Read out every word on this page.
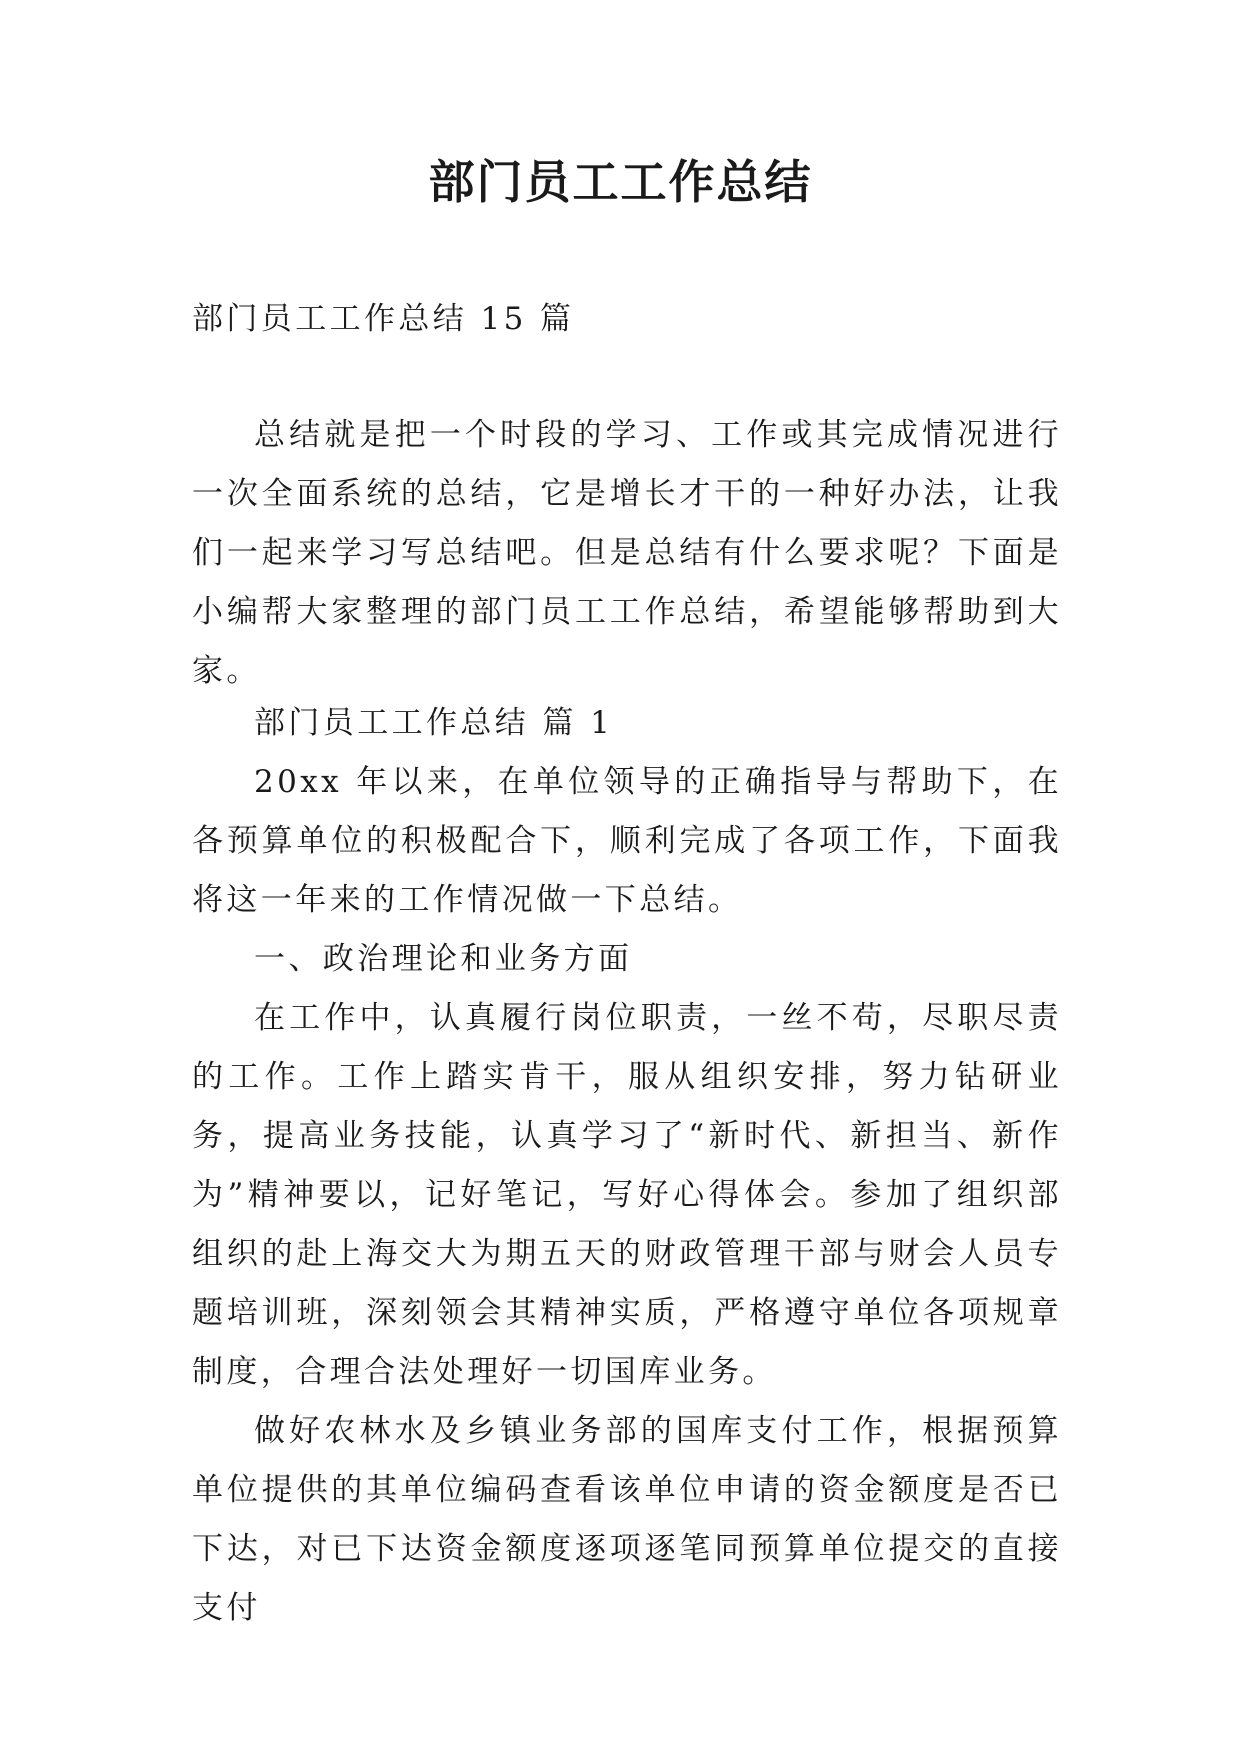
部门员工工作总结

部门员工工作总结 15 篇

总结就是把一个时段的学习、工作或其完成情况进行一次全面系统的总结，它是增长才干的一种好办法，让我们一起来学习写总结吧。但是总结有什么要求呢？下面是小编帮大家整理的部门员工工作总结，希望能够帮助到大家。

部门员工工作总结 篇 1

20xx 年以来，在单位领导的正确指导与帮助下，在各预算单位的积极配合下，顺利完成了各项工作，下面我将这一年来的工作情况做一下总结。

一、政治理论和业务方面

在工作中，认真履行岗位职责，一丝不苟，尽职尽责的工作。工作上踏实肯干，服从组织安排，努力钻研业务，提高业务技能，认真学习了“新时代、新担当、新作为”精神要以，记好笔记，写好心得体会。参加了组织部组织的赴上海交大为期五天的财政管理干部与财会人员专题培训班，深刻领会其精神实质，严格遵守单位各项规章制度，合理合法处理好一切国库业务。

做好农林水及乡镇业务部的国库支付工作，根据预算单位提供的其单位编码查看该单位申请的资金额度是否已下达，对已下达资金额度逐项逐笔同预算单位提交的直接支付
